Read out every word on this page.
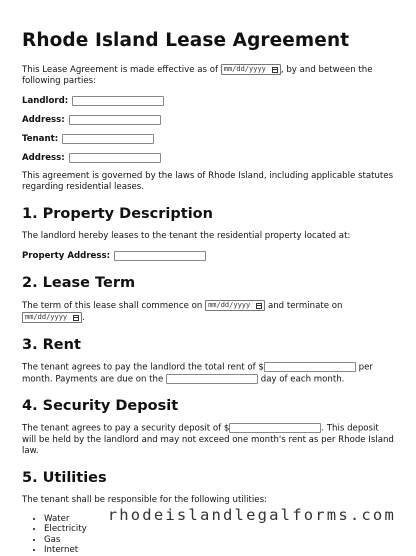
Rhode Island Lease Agreement

This Lease Agreement is made effective as of mm/dd/yyyy , by and between the following parties:

Landlord:
Address:
Tenant:
Address:

This agreement is governed by the laws of Rhode Island, including applicable statutes regarding residential leases.

1. Property Description

The landlord hereby leases to the tenant the residential property located at:

Property Address:
2. Lease Term

The term of this lease shall commence on mm/dd/yyyy and terminate on
mm/dd/yyyy .

3. Rent

The tenant agrees to pay the landlord the total rent of $	per month. Payments are due on the	day of each month.

4. Security Deposit

The tenant agrees to pay a security deposit of $	. This deposit will be held by the landlord and may not exceed one month's rent as per Rhode Island law.

5. Utilities

The tenant shall be responsible for the following utilities:

• Water
• Electricity
• Gas
• Internet
rhodeislandlegalforms.com
